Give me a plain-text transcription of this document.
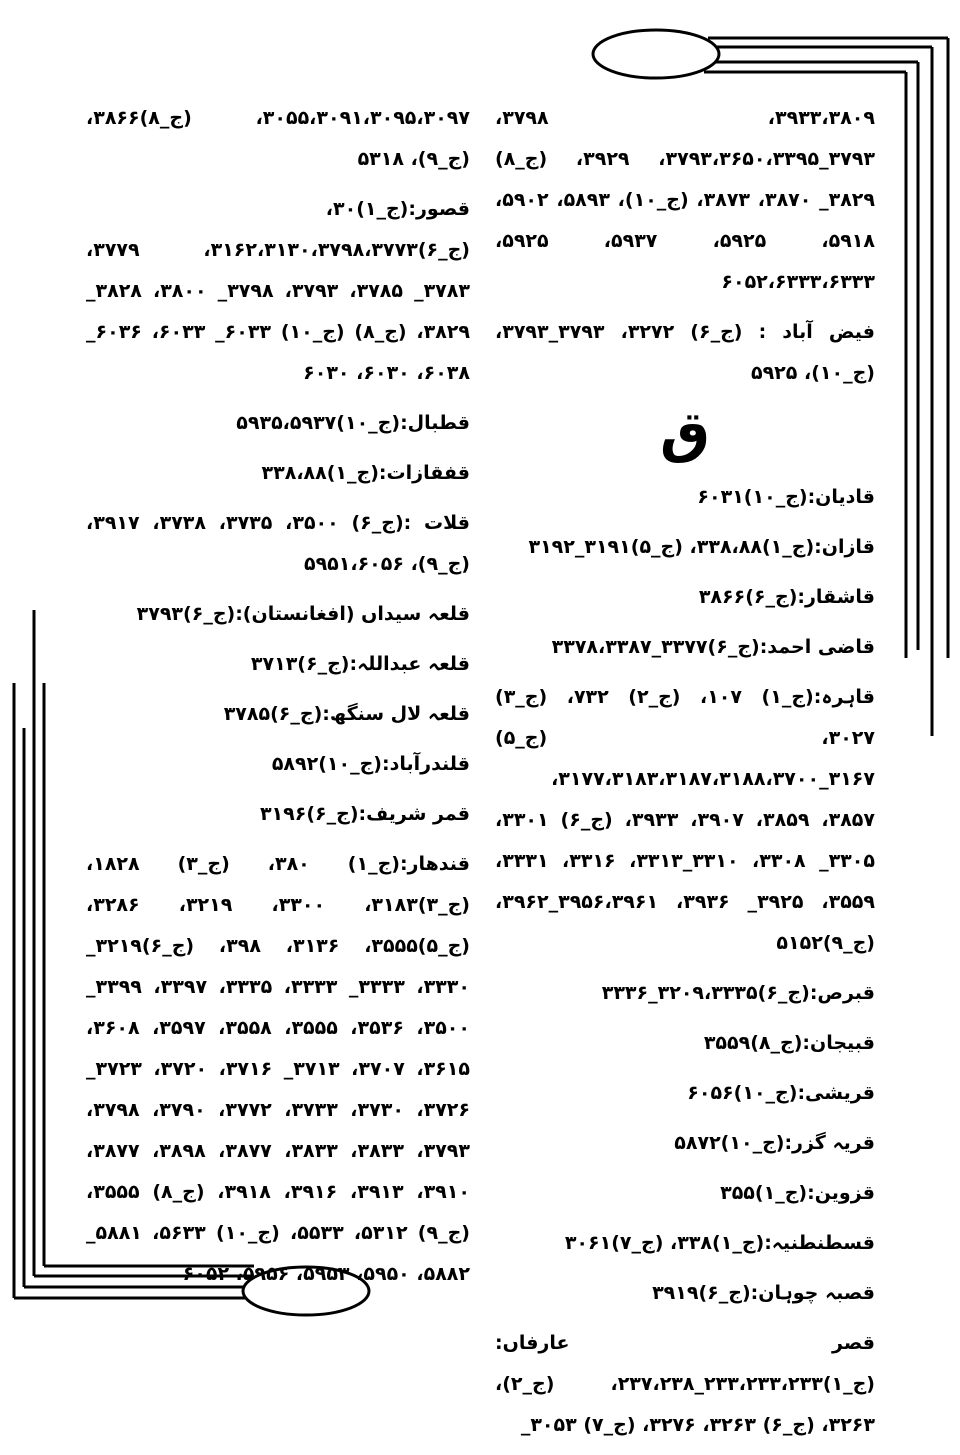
۳۹۳۳،۳۸۰۹، ۳۷۹۸، ۳۷۹۳_۳۷۹۳،۳۶۵۰،۳۳۹۵، ۳۹۲۹، (ج_۸) ۳۸۲۹_ ۳۸۷۰، ۳۸۷۳، (ج_۱۰)، ۵۸۹۳، ۵۹۰۲، ۵۹۱۸، ۵۹۲۵، ۵۹۳۷، ۵۹۲۵، ۶۰۵۲،۶۳۳۳،۶۳۳۳

فیض آباد : (ج_۶) ۳۲۷۲، ۳۷۹۳_۳۷۹۳، (ج_۱۰)، ۵۹۲۵

ق

قادیان:(ج_۱۰)۶۰۳۱

قازان:(ج_۱)۳۳۸،۸۸، (ج_۵)۳۱۹۱_۳۱۹۲

قاشقار:(ج_۶)۳۸۶۶

قاضی احمد:(ج_۶)۳۳۷۷_۳۳۷۸،۳۳۸۷

قاہرہ:(ج_۱) ۱۰۷، (ج_۲) ۷۳۲، (ج_۳) ۳۰۲۷، (ج_۵) ۳۱۶۷_۳۱۷۷،۳۱۸۳،۳۱۸۷،۳۱۸۸،۳۷۰۰، ۳۸۵۷، ۳۸۵۹، ۳۹۰۷، ۳۹۳۳، (ج_۶) ۳۳۰۱، ۳۳۰۵_ ۳۳۰۸، ۳۳۱۰_۳۳۱۳، ۳۳۱۶، ۳۳۳۱، ۳۵۵۹، ۳۹۲۵_ ۳۹۳۶، ۳۹۵۶،۳۹۶۱_۳۹۶۲، (ج_۹)۵۱۵۲

قبرص:(ج_۶)۳۲۰۹،۳۳۳۵_۳۳۳۶

قبیجان:(ج_۸)۳۵۵۹

قریشی:(ج_۱۰)۶۰۵۶

قریہ گزر:(ج_۱۰)۵۸۷۲

قزوین:(ج_۱)۳۵۵

قسطنطنیہ:(ج_۱)۳۳۸، (ج_۷)۳۰۶۱

قصبہ چوہان:(ج_۶)۳۹۱۹

قصر عارفاں:(ج_۱)۲۳۳،۲۳۳،۲۳۳_۲۳۷،۲۳۸، (ج_۲)، ۳۲۶۳، (ج_۶) ۳۲۶۳، ۳۲۷۶، (ج_۷) ۳۰۵۳_

۳۰۵۵،۳۰۹۱،۳۰۹۵،۳۰۹۷، (ج_۸)۳۸۶۶، (ج_۹)، ۵۳۱۸

قصور:(ج_۱)۳۰، (ج_۶)۳۱۶۲،۳۱۳۰،۳۷۹۸،۳۷۷۳، ۳۷۷۹، ۳۷۸۳_ ۳۷۸۵، ۳۷۹۳، ۳۷۹۸_ ۳۸۰۰، ۳۸۲۸_ ۳۸۲۹، (ج_۸) (ج_۱۰) ۶۰۳۳_ ۶۰۳۳، ۶۰۳۶_ ۶۰۳۸، ۶۰۳۰، ۶۰۳۰

قطبال:(ج_۱۰)۵۹۳۵،۵۹۳۷

قفقازات:(ج_۱)۳۳۸،۸۸

قلات :(ج_۶) ۳۵۰۰، ۳۷۳۵، ۳۷۳۸، ۳۹۱۷، (ج_۹)، ۵۹۵۱،۶۰۵۶

قلعہ سیداں (افغانستان):(ج_۶)۳۷۹۳

قلعہ عبداللہ:(ج_۶)۳۷۱۳

قلعہ لال سنگھ:(ج_۶)۳۷۸۵

قلندرآباد:(ج_۱۰)۵۸۹۲

قمر شریف:(ج_۶)۳۱۹۶

قندھار:(ج_۱) ۳۸۰، (ج_۳) ۱۸۲۸، (ج_۳)۳۱۸۳، ۳۳۰۰، ۳۲۱۹، ۳۲۸۶، (ج_۵)۳۵۵۵، ۳۱۳۶، ۳۹۸، (ج_۶)۳۲۱۹_ ۳۳۳۰، ۳۳۳۳_ ۳۳۳۳، ۳۳۳۵، ۳۳۹۷، ۳۳۹۹_ ۳۵۰۰، ۳۵۳۶، ۳۵۵۵، ۳۵۵۸، ۳۵۹۷، ۳۶۰۸، ۳۶۱۵، ۳۷۰۷، ۳۷۱۳_ ۳۷۱۶، ۳۷۲۰، ۳۷۲۳_ ۳۷۲۶، ۳۷۳۰، ۳۷۳۳، ۳۷۷۲، ۳۷۹۰، ۳۷۹۸، ۳۷۹۳، ۳۸۳۳، ۳۸۳۳، ۳۸۷۷، ۳۸۹۸، ۳۸۷۷، ۳۹۱۰، ۳۹۱۳، ۳۹۱۶، ۳۹۱۸، (ج_۸) ۳۵۵۵، (ج_۹) ۵۳۱۲، ۵۵۳۳، (ج_۱۰) ۵۶۳۳، ۵۸۸۱_ ۵۸۸۲، ۵۹۵۰، ۵۹۵۳، ۵۹۵۶، ۶۰۵۲
